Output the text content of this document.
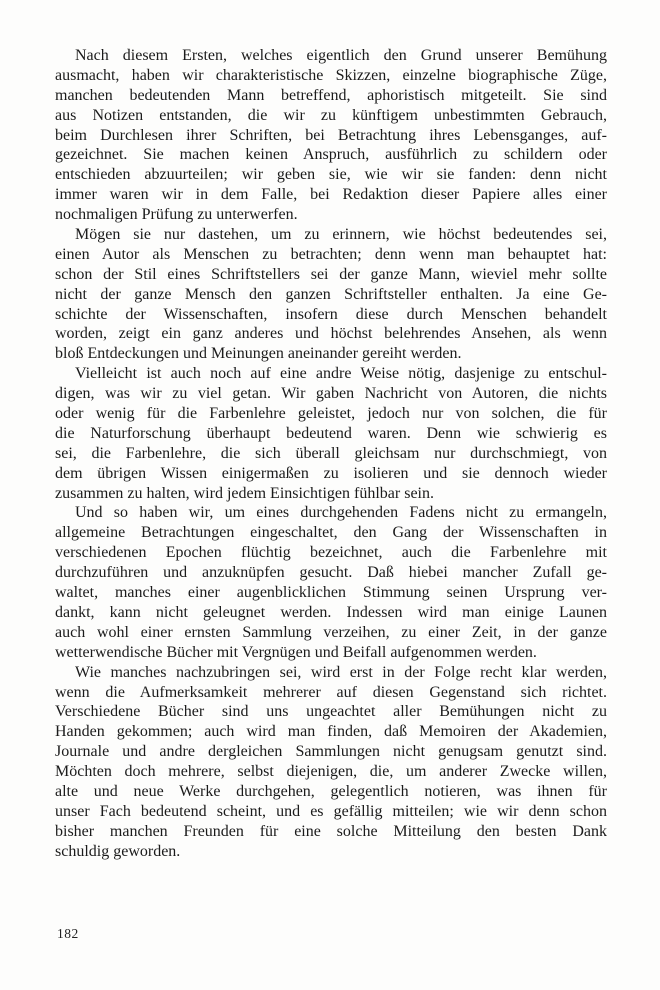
Nach diesem Ersten, welches eigentlich den Grund unserer Bemühung
ausmacht, haben wir charakteristische Skizzen, einzelne biographische Züge,
manchen bedeutenden Mann betreffend, aphoristisch mitgeteilt. Sie sind
aus Notizen entstanden, die wir zu künftigem unbestimmten Gebrauch,
beim Durchlesen ihrer Schriften, bei Betrachtung ihres Lebensganges, auf-
gezeichnet. Sie machen keinen Anspruch, ausführlich zu schildern oder
entschieden abzuurteilen; wir geben sie, wie wir sie fanden: denn nicht
immer waren wir in dem Falle, bei Redaktion dieser Papiere alles einer
nochmaligen Prüfung zu unterwerfen.

Mögen sie nur dastehen, um zu erinnern, wie höchst bedeutendes sei,
einen Autor als Menschen zu betrachten; denn wenn man behauptet hat:
schon der Stil eines Schriftstellers sei der ganze Mann, wieviel mehr sollte
nicht der ganze Mensch den ganzen Schriftsteller enthalten. Ja eine Ge-
schichte der Wissenschaften, insofern diese durch Menschen behandelt
worden, zeigt ein ganz anderes und höchst belehrendes Ansehen, als wenn
bloß Entdeckungen und Meinungen aneinander gereiht werden.

Vielleicht ist auch noch auf eine andre Weise nötig, dasjenige zu entschul-
digen, was wir zu viel getan. Wir gaben Nachricht von Autoren, die nichts
oder wenig für die Farbenlehre geleistet, jedoch nur von solchen, die für
die Naturforschung überhaupt bedeutend waren. Denn wie schwierig es
sei, die Farbenlehre, die sich überall gleichsam nur durchschmiegt, von
dem übrigen Wissen einigermaßen zu isolieren und sie dennoch wieder
zusammen zu halten, wird jedem Einsichtigen fühlbar sein.

Und so haben wir, um eines durchgehenden Fadens nicht zu ermangeln,
allgemeine Betrachtungen eingeschaltet, den Gang der Wissenschaften in
verschiedenen Epochen flüchtig bezeichnet, auch die Farbenlehre mit
durchzuführen und anzuknüpfen gesucht. Daß hiebei mancher Zufall ge-
waltet, manches einer augenblicklichen Stimmung seinen Ursprung ver-
dankt, kann nicht geleugnet werden. Indessen wird man einige Launen
auch wohl einer ernsten Sammlung verzeihen, zu einer Zeit, in der ganze
wetterwendische Bücher mit Vergnügen und Beifall aufgenommen werden.

Wie manches nachzubringen sei, wird erst in der Folge recht klar werden,
wenn die Aufmerksamkeit mehrerer auf diesen Gegenstand sich richtet.
Verschiedene Bücher sind uns ungeachtet aller Bemühungen nicht zu
Handen gekommen; auch wird man finden, daß Memoiren der Akademien,
Journale und andre dergleichen Sammlungen nicht genugsam genutzt sind.
Möchten doch mehrere, selbst diejenigen, die, um anderer Zwecke willen,
alte und neue Werke durchgehen, gelegentlich notieren, was ihnen für
unser Fach bedeutend scheint, und es gefällig mitteilen; wie wir denn schon
bisher manchen Freunden für eine solche Mitteilung den besten Dank
schuldig geworden.

182
